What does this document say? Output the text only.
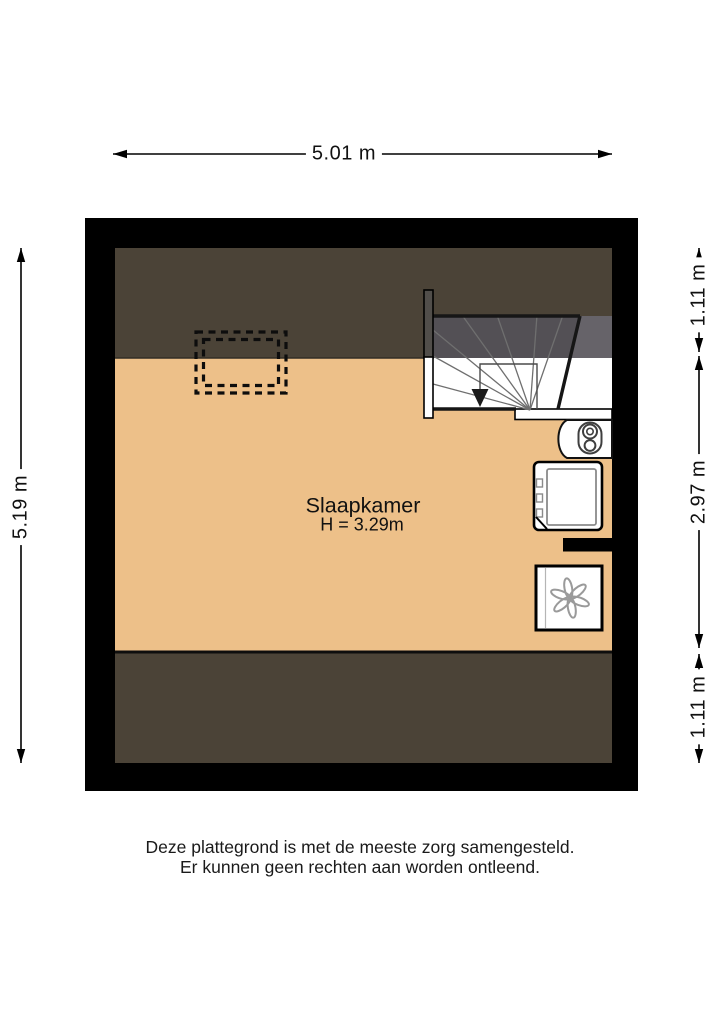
5.01 m
5.19 m
1.11 m
2.97 m
1.11 m
Slaapkamer
H = 3.29m
Deze plattegrond is met de meeste zorg samengesteld.
Er kunnen geen rechten aan worden ontleend.
